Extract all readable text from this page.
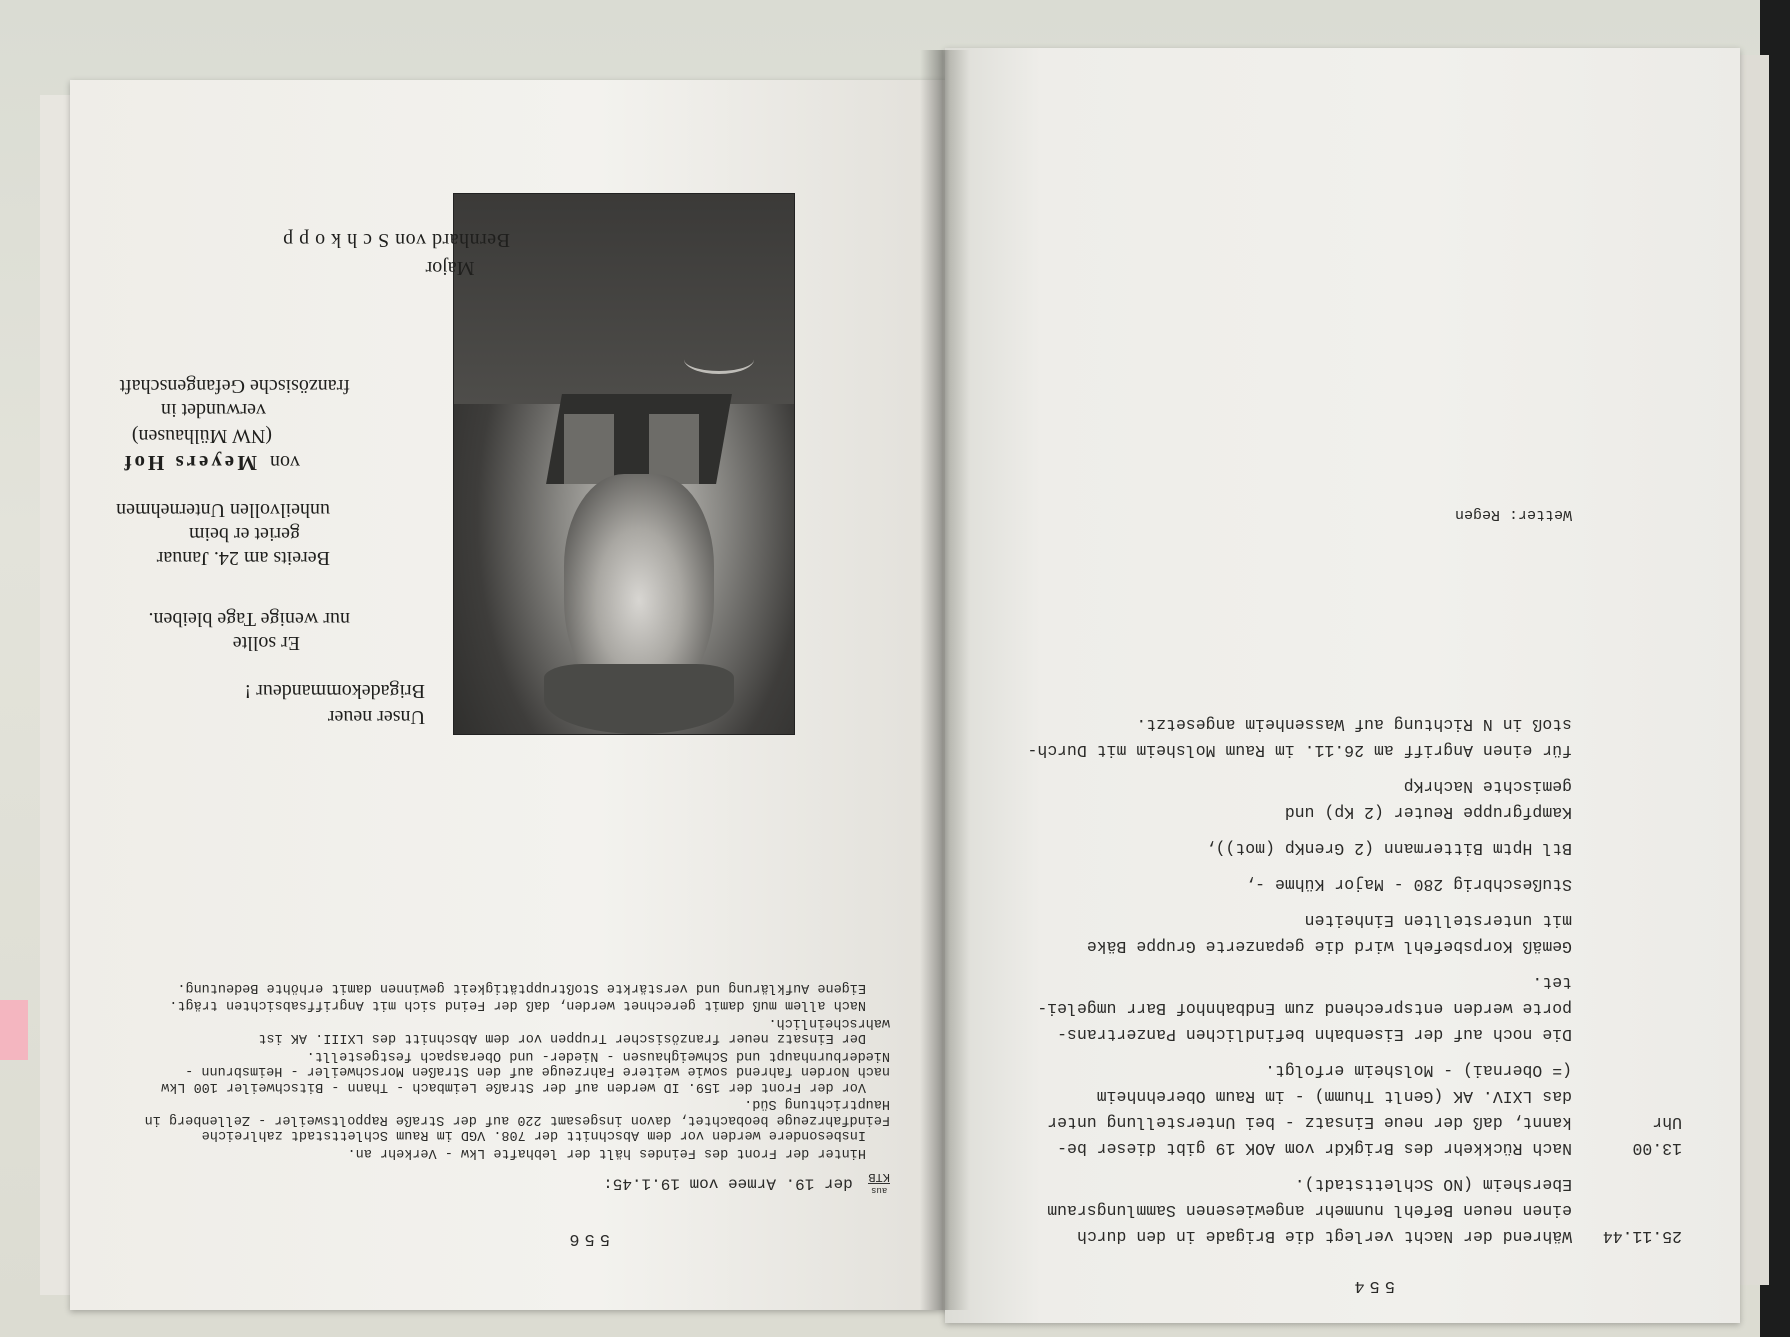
556
aus
KTB
der 19. Armee vom 19.1.45:

Hinter der Front des Feindes hält der lebhafte Lkw - Verkehr an.

Insbesondere werden vor dem Abschnitt der 708. VGD im Raum Schlettstadt zahlreiche Feindfahrzeuge beobachtet, davon insgesamt 220 auf der Straße Rappoltsweiler - Zellenberg in Hauptrichtung Süd.

Vor der Front der 159. ID werden auf der Straße Leimbach - Thann - Bitschweiler 100 Lkw nach Norden fahrend sowie weitere Fahrzeuge auf den Straßen Morschweiler - Heimsbrunn - Niederburnhaupt und Schweighausen - Nieder- und Oberaspach festgestellt.

Der Einsatz neuer französischer Truppen vor dem Abschnitt des LXIII. AK ist wahrscheinlich.

Nach allem muß damit gerechnet werden, daß der Feind sich mit Angriffsabsichten trägt.

Eigene Aufklärung und verstärkte Stoßtrupptätigkeit gewinnen damit erhöhte Bedeutung.

Unser neuer
Brigadekommandeur !
Er sollte
nur wenige Tage bleiben.
Bereits am 24. Januar
geriet er beim
unheilvollen Unternehmen
von Meyers Hof
(NW Mülhausen)
verwundet in
französische Gefangenschaft
Major
Bernhard von Schkopp
554
25.11.44
Während der Nacht verlegt die Brigade in den durch
einen neuen Befehl nunmehr angewiesenen Sammlungsraum
Ebersheim (NO Schlettstadt).
13.00
Nach Rückkehr des BrigKdr vom AOK 19 gibt dieser be-
Uhr
kannt, daß der neue Einsatz - bei Unterstellung unter
das LXIV. AK (Genlt Thumm) - im Raum Oberehnheim
(= Obernai) - Molsheim erfolgt.
Die noch auf der Eisenbahn befindlichen Panzertrans-
porte werden entsprechend zum Endbahnhof Barr umgelei-
tet.
Gemäß Korpsbefehl wird die gepanzerte Gruppe Bäke
mit unterstellten Einheiten
Stußeschbrig 280 - Major Kühme -,
Btl Hptm Bittermann (2 GrenKp (mot)),
Kampfgruppe Reuter (2 Kp) und
gemischte NachrKp
für einen Angriff am 26.11. im Raum Molsheim mit Durch-
stoß in N Richtung auf Wassenheim angesetzt.
Wetter: Regen
